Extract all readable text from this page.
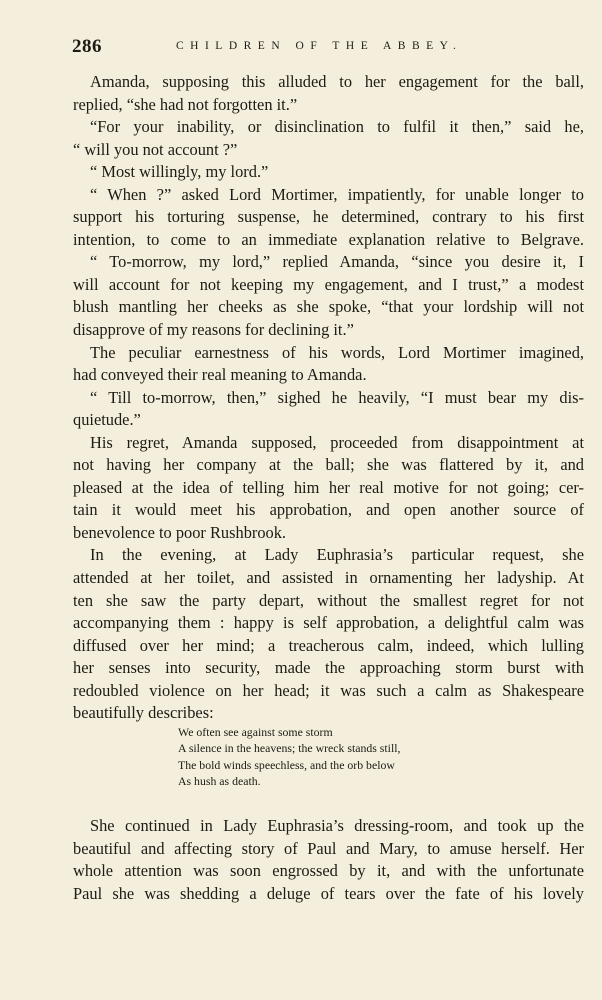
286	CHILDREN OF THE ABBEY.
Amanda, supposing this alluded to her engagement for the ball,
replied, “she had not forgotten it.”
“For your inability, or disinclination to fulfil it then,” said he,
“ will you not account ?”
“ Most willingly, my lord.”
“ When ?” asked Lord Mortimer, impatiently, for unable longer to
support his torturing suspense, he determined, contrary to his first
intention, to come to an immediate explanation relative to Belgrave.
“ To-morrow, my lord,” replied Amanda, “since you desire it, I
will account for not keeping my engagement, and I trust,” a modest
blush mantling her cheeks as she spoke, “that your lordship will not
disapprove of my reasons for declining it.”
The peculiar earnestness of his words, Lord Mortimer imagined,
had conveyed their real meaning to Amanda.
“ Till to-morrow, then,” sighed he heavily, “I must bear my dis-
quietude.”
His regret, Amanda supposed, proceeded from disappointment at
not having her company at the ball; she was flattered by it, and
pleased at the idea of telling him her real motive for not going; cer-
tain it would meet his approbation, and open another source of
benevolence to poor Rushbrook.
In the evening, at Lady Euphrasia’s particular request, she
attended at her toilet, and assisted in ornamenting her ladyship. At
ten she saw the party depart, without the smallest regret for not
accompanying them : happy is self approbation, a delightful calm was
diffused over her mind; a treacherous calm, indeed, which lulling
her senses into security, made the approaching storm burst with
redoubled violence on her head; it was such a calm as Shakespeare
beautifully describes:
We often see against some storm
A silence in the heavens; the wreck stands still,
The bold winds speechless, and the orb below
As hush as death.
She continued in Lady Euphrasia’s dressing-room, and took up the
beautiful and affecting story of Paul and Mary, to amuse herself. Her
whole attention was soon engrossed by it, and with the unfortunate
Paul she was shedding a deluge of tears over the fate of his lovely
